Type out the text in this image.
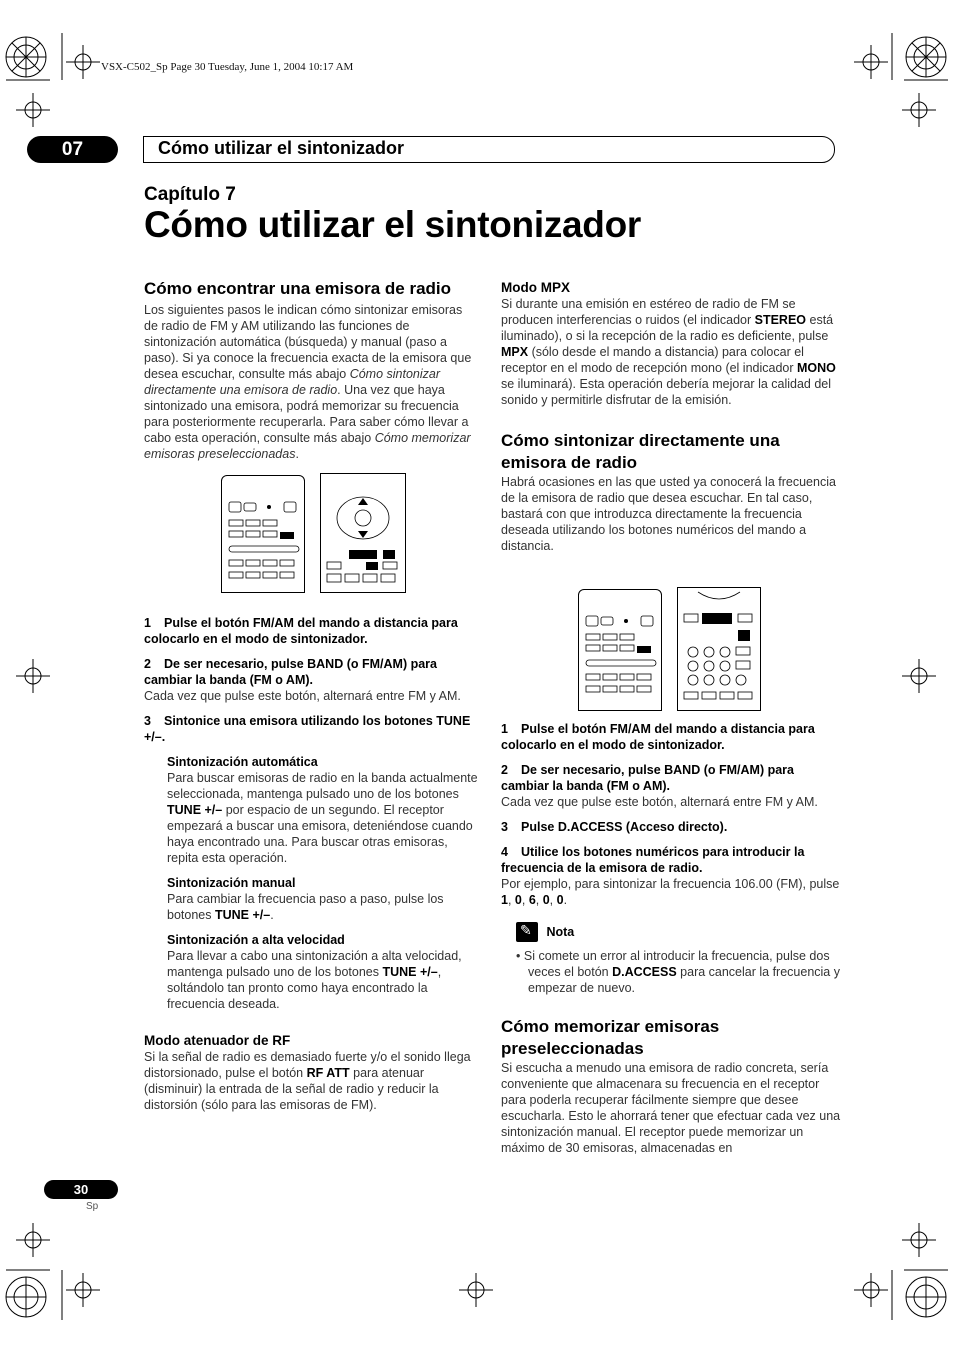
VSX-C502_Sp Page 30 Tuesday, June 1, 2004 10:17 AM
07	Cómo utilizar el sintonizador
Capítulo 7
Cómo utilizar el sintonizador
Cómo encontrar una emisora de radio

Los siguientes pasos le indican cómo sintonizar emisoras de radio de FM y AM utilizando las funciones de sintonización automática (búsqueda) y manual (paso a paso). Si ya conoce la frecuencia exacta de la emisora que desea escuchar, consulte más abajo Cómo sintonizar directamente una emisora de radio. Una vez que haya sintonizado una emisora, podrá memorizar su frecuencia para posteriormente recuperarla. Para saber cómo llevar a cabo esta operación, consulte más abajo Cómo memorizar emisoras preseleccionadas.

1 Pulse el botón FM/AM del mando a distancia para colocarlo en el modo de sintonizador.
2 De ser necesario, pulse BAND (o FM/AM) para cambiar la banda (FM o AM).

Cada vez que pulse este botón, alternará entre FM y AM.

3 Sintonice una emisora utilizando los botones TUNE +/–.
Sintonización automática

Para buscar emisoras de radio en la banda actualmente seleccionada, mantenga pulsado uno de los botones TUNE +/– por espacio de un segundo. El receptor empezará a buscar una emisora, deteniéndose cuando haya encontrado una. Para buscar otras emisoras, repita esta operación.

Sintonización manual

Para cambiar la frecuencia paso a paso, pulse los botones TUNE +/–.

Sintonización a alta velocidad

Para llevar a cabo una sintonización a alta velocidad, mantenga pulsado uno de los botones TUNE +/–, soltándolo tan pronto como haya encontrado la frecuencia deseada.

Modo atenuador de RF

Si la señal de radio es demasiado fuerte y/o el sonido llega distorsionado, pulse el botón RF ATT para atenuar (disminuir) la entrada de la señal de radio y reducir la distorsión (sólo para las emisoras de FM).

Modo MPX

Si durante una emisión en estéreo de radio de FM se producen interferencias o ruidos (el indicador STEREO está iluminado), o si la recepción de la radio es deficiente, pulse MPX (sólo desde el mando a distancia) para colocar el receptor en el modo de recepción mono (el indicador MONO se iluminará). Esta operación debería mejorar la calidad del sonido y permitirle disfrutar de la emisión.

Cómo sintonizar directamente una emisora de radio

Habrá ocasiones en las que usted ya conocerá la frecuencia de la emisora de radio que desea escuchar. En tal caso, bastará con que introduzca directamente la frecuencia deseada utilizando los botones numéricos del mando a distancia.

1 Pulse el botón FM/AM del mando a distancia para colocarlo en el modo de sintonizador.
2 De ser necesario, pulse BAND (o FM/AM) para cambiar la banda (FM o AM).

Cada vez que pulse este botón, alternará entre FM y AM.

3 Pulse D.ACCESS (Acceso directo).
4 Utilice los botones numéricos para introducir la frecuencia de la emisora de radio.

Por ejemplo, para sintonizar la frecuencia 106.00 (FM), pulse 1, 0, 6, 0, 0.

✎ Nota

• Si comete un error al introducir la frecuencia, pulse dos veces el botón D.ACCESS para cancelar la frecuencia y empezar de nuevo.

Cómo memorizar emisoras preseleccionadas

Si escucha a menudo una emisora de radio concreta, sería conveniente que almacenara su frecuencia en el receptor para poderla recuperar fácilmente siempre que desee escucharla. Esto le ahorrará tener que efectuar cada vez una sintonización manual. El receptor puede memorizar un máximo de 30 emisoras, almacenadas en

30
Sp
